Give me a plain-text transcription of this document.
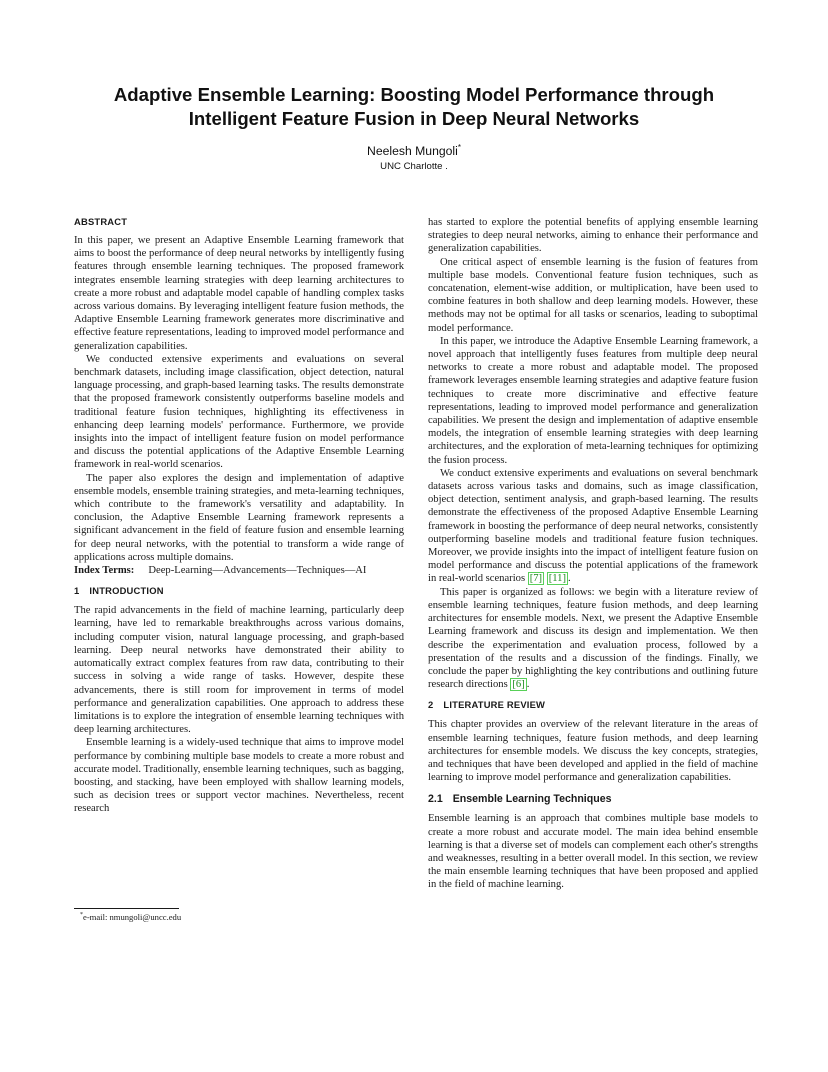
Adaptive Ensemble Learning: Boosting Model Performance through Intelligent Feature Fusion in Deep Neural Networks
Neelesh Mungoli*
UNC Charlotte .
ABSTRACT

In this paper, we present an Adaptive Ensemble Learning framework that aims to boost the performance of deep neural networks by intelligently fusing features through ensemble learning techniques. The proposed framework integrates ensemble learning strategies with deep learning architectures to create a more robust and adaptable model capable of handling complex tasks across various domains. By leveraging intelligent feature fusion methods, the Adaptive Ensemble Learning framework generates more discriminative and effective feature representations, leading to improved model performance and generalization capabilities.

We conducted extensive experiments and evaluations on several benchmark datasets, including image classification, object detection, natural language processing, and graph-based learning tasks. The results demonstrate that the proposed framework consistently outperforms baseline models and traditional feature fusion techniques, highlighting its effectiveness in enhancing deep learning models' performance. Furthermore, we provide insights into the impact of intelligent feature fusion on model performance and discuss the potential applications of the Adaptive Ensemble Learning framework in real-world scenarios.

The paper also explores the design and implementation of adaptive ensemble models, ensemble training strategies, and meta-learning techniques, which contribute to the framework's versatility and adaptability. In conclusion, the Adaptive Ensemble Learning framework represents a significant advancement in the field of feature fusion and ensemble learning for deep neural networks, with the potential to transform a wide range of applications across multiple domains.

Index Terms: Deep-Learning—Advancements—Techniques—AI

1 INTRODUCTION

The rapid advancements in the field of machine learning, particularly deep learning, have led to remarkable breakthroughs across various domains, including computer vision, natural language processing, and graph-based learning. Deep neural networks have demonstrated their ability to automatically extract complex features from raw data, contributing to their success in solving a wide range of tasks. However, despite these advancements, there is still room for improvement in terms of model performance and generalization capabilities. One approach to address these limitations is to explore the integration of ensemble learning techniques with deep learning architectures.

Ensemble learning is a widely-used technique that aims to improve model performance by combining multiple base models to create a more robust and accurate model. Traditionally, ensemble learning techniques, such as bagging, boosting, and stacking, have been employed with shallow learning models, such as decision trees or support vector machines. Nevertheless, recent research

*e-mail: nmungoli@uncc.edu

has started to explore the potential benefits of applying ensemble learning strategies to deep neural networks, aiming to enhance their performance and generalization capabilities.

One critical aspect of ensemble learning is the fusion of features from multiple base models. Conventional feature fusion techniques, such as concatenation, element-wise addition, or multiplication, have been used to combine features in both shallow and deep learning models. However, these methods may not be optimal for all tasks or scenarios, leading to suboptimal model performance.

In this paper, we introduce the Adaptive Ensemble Learning framework, a novel approach that intelligently fuses features from multiple deep neural networks to create a more robust and adaptable model. The proposed framework leverages ensemble learning strategies and adaptive feature fusion techniques to create more discriminative and effective feature representations, leading to improved model performance and generalization capabilities. We present the design and implementation of adaptive ensemble models, the integration of ensemble learning strategies with deep learning architectures, and the exploration of meta-learning techniques for optimizing the fusion process.

We conduct extensive experiments and evaluations on several benchmark datasets across various tasks and domains, such as image classification, object detection, sentiment analysis, and graph-based learning. The results demonstrate the effectiveness of the proposed Adaptive Ensemble Learning framework in boosting the performance of deep neural networks, consistently outperforming baseline models and traditional feature fusion techniques. Moreover, we provide insights into the impact of intelligent feature fusion on model performance and discuss the potential applications of the framework in real-world scenarios [7] [11] .

This paper is organized as follows: we begin with a literature review of ensemble learning techniques, feature fusion methods, and deep learning architectures for ensemble models. Next, we present the Adaptive Ensemble Learning framework and discuss its design and implementation. We then describe the experimentation and evaluation process, followed by a presentation of the results and a discussion of the findings. Finally, we conclude the paper by highlighting the key contributions and outlining future research directions [6] .

2 LITERATURE REVIEW

This chapter provides an overview of the relevant literature in the areas of ensemble learning techniques, feature fusion methods, and deep learning architectures for ensemble models. We discuss the key concepts, strategies, and techniques that have been developed and applied in the field of machine learning to improve model performance and generalization capabilities.

2.1 Ensemble Learning Techniques

Ensemble learning is an approach that combines multiple base models to create a more robust and accurate model. The main idea behind ensemble learning is that a diverse set of models can complement each other's strengths and weaknesses, resulting in a better overall model. In this section, we review the main ensemble learning techniques that have been proposed and applied in the field of machine learning.
